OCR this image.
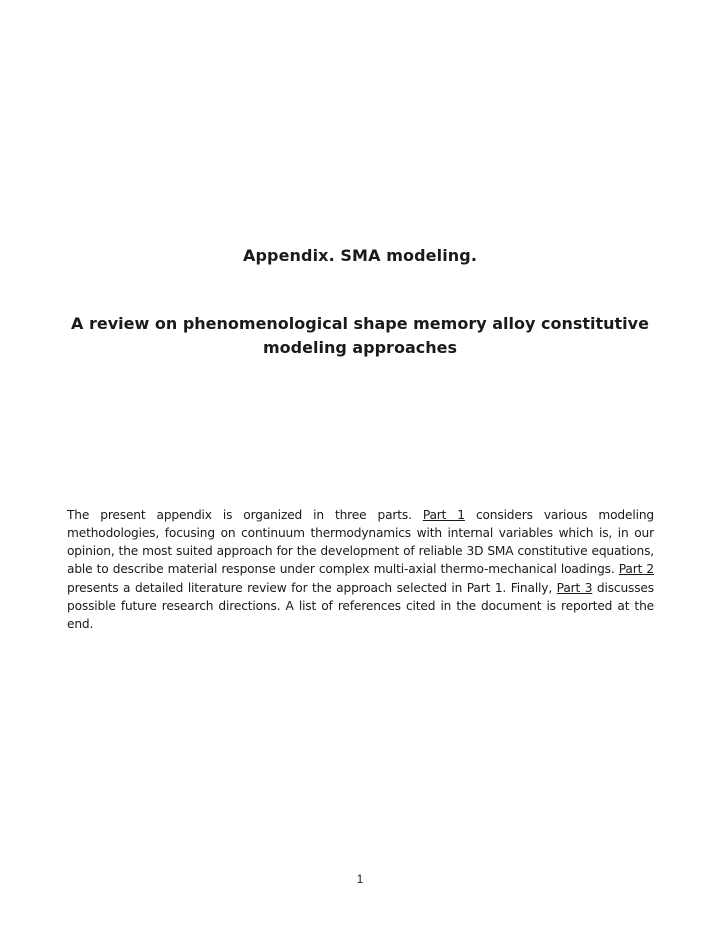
Appendix. SMA modeling.
A review on phenomenological shape memory alloy constitutive modeling approaches

The present appendix is organized in three parts. Part 1 considers various modeling methodologies, focusing on continuum thermodynamics with internal variables which is, in our opinion, the most suited approach for the development of reliable 3D SMA constitutive equations, able to describe material response under complex multi-axial thermo-mechanical loadings. Part 2 presents a detailed literature review for the approach selected in Part 1. Finally, Part 3 discusses possible future research directions. A list of references cited in the document is reported at the end.

1
